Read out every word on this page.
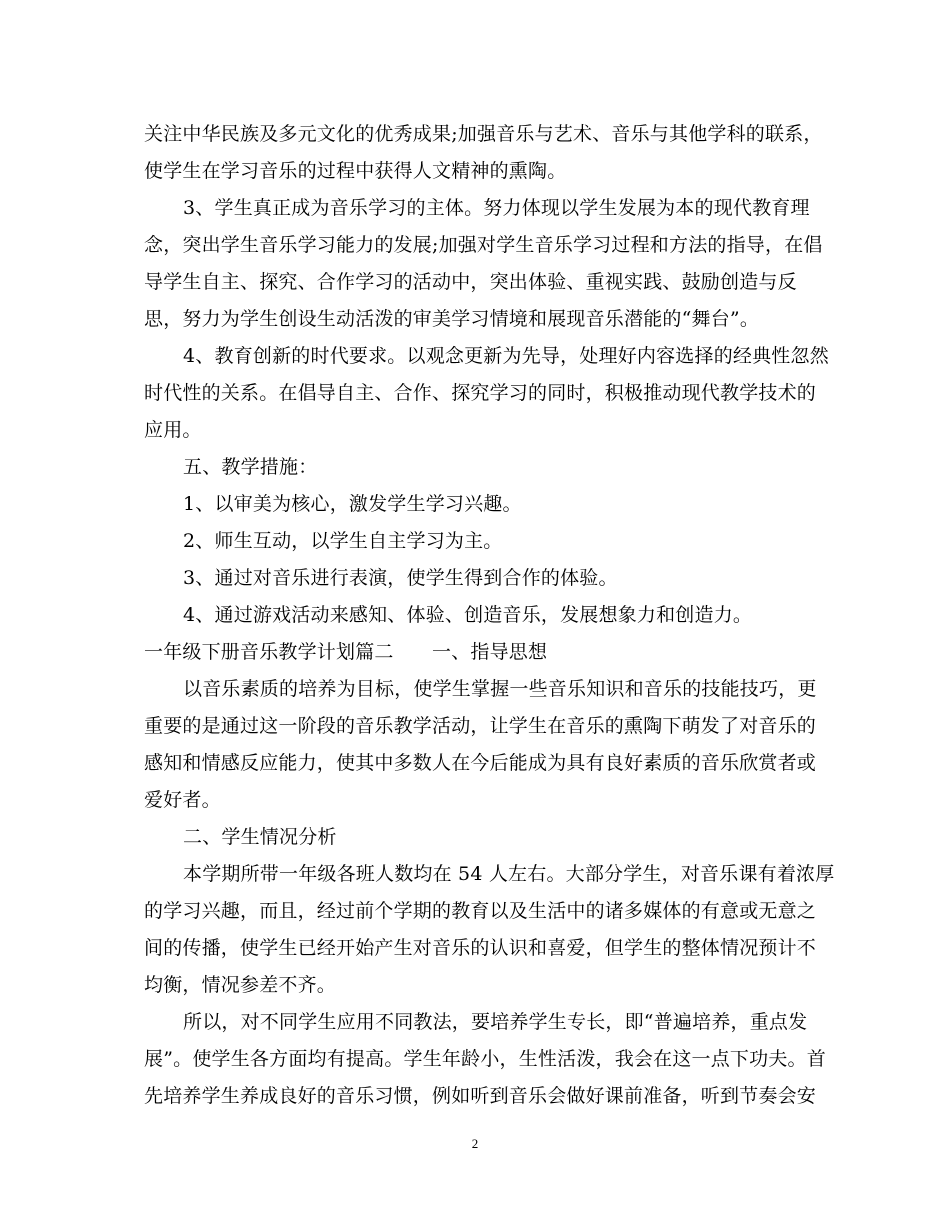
关注中华民族及多元文化的优秀成果;加强音乐与艺术、音乐与其他学科的联系，
使学生在学习音乐的过程中获得人文精神的熏陶。
3、学生真正成为音乐学习的主体。努力体现以学生发展为本的现代教育理
念，突出学生音乐学习能力的发展;加强对学生音乐学习过程和方法的指导，在倡
导学生自主、探究、合作学习的活动中，突出体验、重视实践、鼓励创造与反
思，努力为学生创设生动活泼的审美学习情境和展现音乐潜能的“舞台”。
4、教育创新的时代要求。以观念更新为先导，处理好内容选择的经典性忽然
时代性的关系。在倡导自主、合作、探究学习的同时，积极推动现代教学技术的
应用。
五、教学措施：
1、以审美为核心，激发学生学习兴趣。
2、师生互动，以学生自主学习为主。
3、通过对音乐进行表演，使学生得到合作的体验。
4、通过游戏活动来感知、体验、创造音乐，发展想象力和创造力。
一年级下册音乐教学计划篇二　　一、指导思想
以音乐素质的培养为目标，使学生掌握一些音乐知识和音乐的技能技巧，更
重要的是通过这一阶段的音乐教学活动，让学生在音乐的熏陶下萌发了对音乐的
感知和情感反应能力，使其中多数人在今后能成为具有良好素质的音乐欣赏者或
爱好者。
二、学生情况分析
本学期所带一年级各班人数均在 54 人左右。大部分学生，对音乐课有着浓厚
的学习兴趣，而且，经过前个学期的教育以及生活中的诸多媒体的有意或无意之
间的传播，使学生已经开始产生对音乐的认识和喜爱，但学生的整体情况预计不
均衡，情况参差不齐。
所以，对不同学生应用不同教法，要培养学生专长，即“普遍培养，重点发
展”。使学生各方面均有提高。学生年龄小，生性活泼，我会在这一点下功夫。首
先培养学生养成良好的音乐习惯，例如听到音乐会做好课前准备，听到节奏会安
2
